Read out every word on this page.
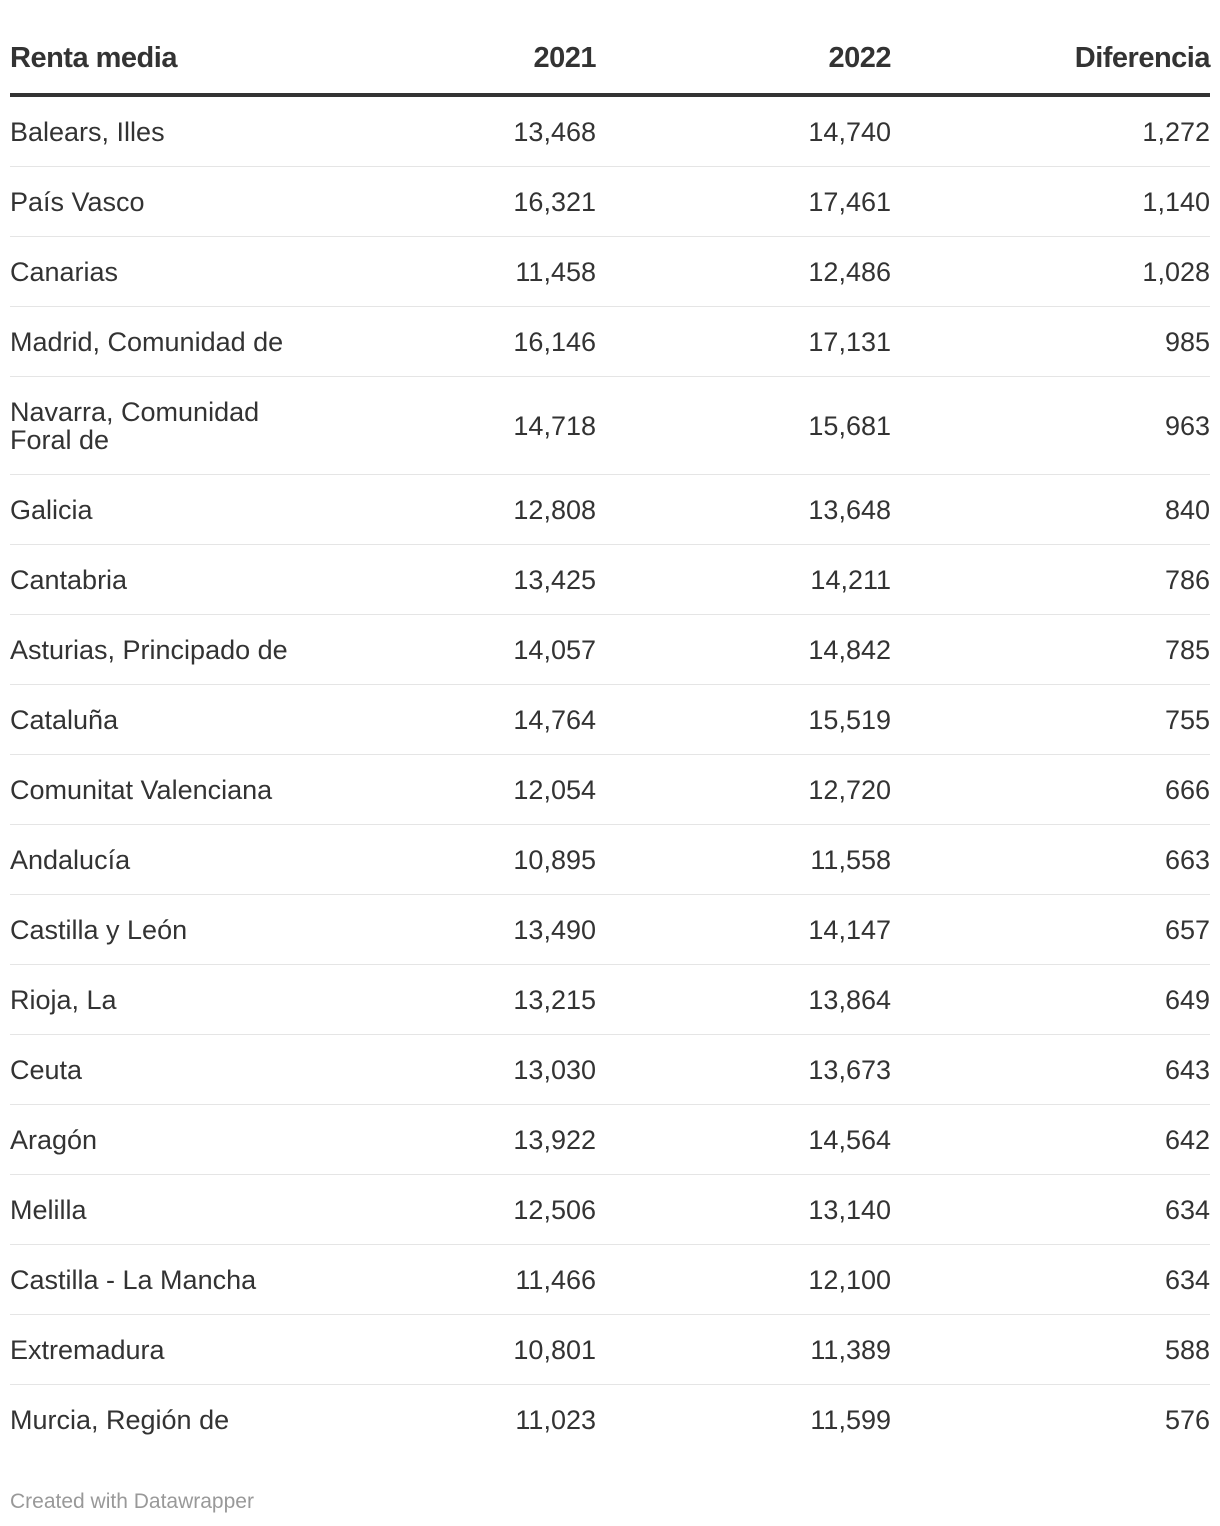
Renta media	2021	2022	Diferencia
Balears, Illes	13,468	14,740	1,272
País Vasco	16,321	17,461	1,140
Canarias	11,458	12,486	1,028
Madrid, Comunidad de	16,146	17,131	985
Navarra, Comunidad Foral de	14,718	15,681	963
Galicia	12,808	13,648	840
Cantabria	13,425	14,211	786
Asturias, Principado de	14,057	14,842	785
Cataluña	14,764	15,519	755
Comunitat Valenciana	12,054	12,720	666
Andalucía	10,895	11,558	663
Castilla y León	13,490	14,147	657
Rioja, La	13,215	13,864	649
Ceuta	13,030	13,673	643
Aragón	13,922	14,564	642
Melilla	12,506	13,140	634
Castilla - La Mancha	11,466	12,100	634
Extremadura	10,801	11,389	588
Murcia, Región de	11,023	11,599	576
Created with Datawrapper
